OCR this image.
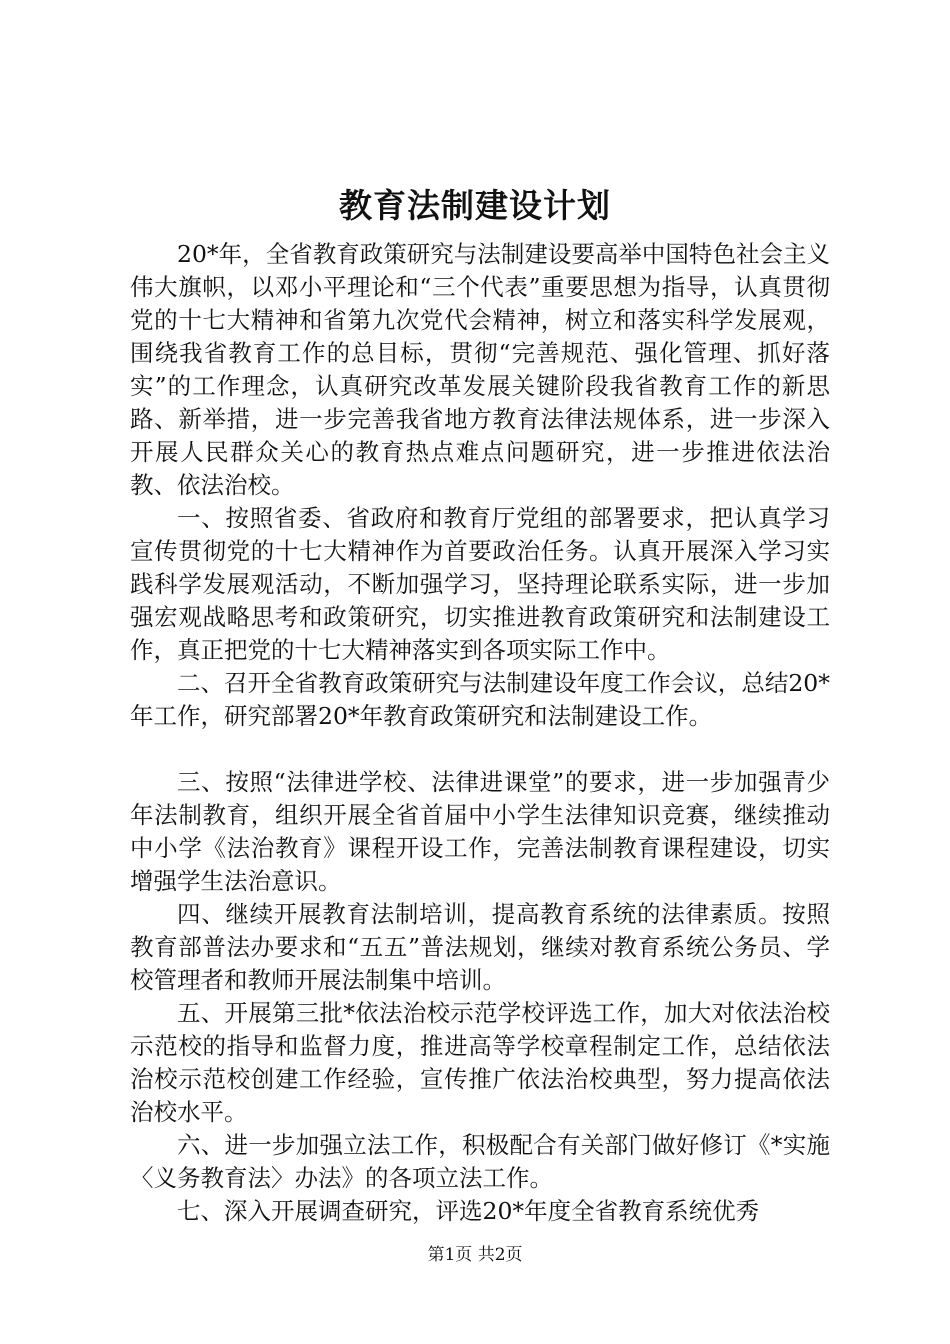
教育法制建设计划

20*年，全省教育政策研究与法制建设要高举中国特色社会主义伟大旗帜，以邓小平理论和“三个代表”重要思想为指导，认真贯彻党的十七大精神和省第九次党代会精神，树立和落实科学发展观，围绕我省教育工作的总目标，贯彻“完善规范、强化管理、抓好落实”的工作理念，认真研究改革发展关键阶段我省教育工作的新思路、新举措，进一步完善我省地方教育法律法规体系，进一步深入开展人民群众关心的教育热点难点问题研究，进一步推进依法治教、依法治校。

一、按照省委、省政府和教育厅党组的部署要求，把认真学习宣传贯彻党的十七大精神作为首要政治任务。认真开展深入学习实践科学发展观活动，不断加强学习，坚持理论联系实际，进一步加强宏观战略思考和政策研究，切实推进教育政策研究和法制建设工作，真正把党的十七大精神落实到各项实际工作中。

二、召开全省教育政策研究与法制建设年度工作会议，总结20*年工作，研究部署20*年教育政策研究和法制建设工作。

三、按照“法律进学校、法律进课堂”的要求，进一步加强青少年法制教育，组织开展全省首届中小学生法律知识竞赛，继续推动中小学《法治教育》课程开设工作，完善法制教育课程建设，切实增强学生法治意识。

四、继续开展教育法制培训，提高教育系统的法律素质。按照教育部普法办要求和“五五”普法规划，继续对教育系统公务员、学校管理者和教师开展法制集中培训。

五、开展第三批*依法治校示范学校评选工作，加大对依法治校示范校的指导和监督力度，推进高等学校章程制定工作，总结依法治校示范校创建工作经验，宣传推广依法治校典型，努力提高依法治校水平。

六、进一步加强立法工作，积极配合有关部门做好修订《*实施〈义务教育法〉办法》的各项立法工作。

七、深入开展调查研究，评选20*年度全省教育系统优秀

第1页 共2页
